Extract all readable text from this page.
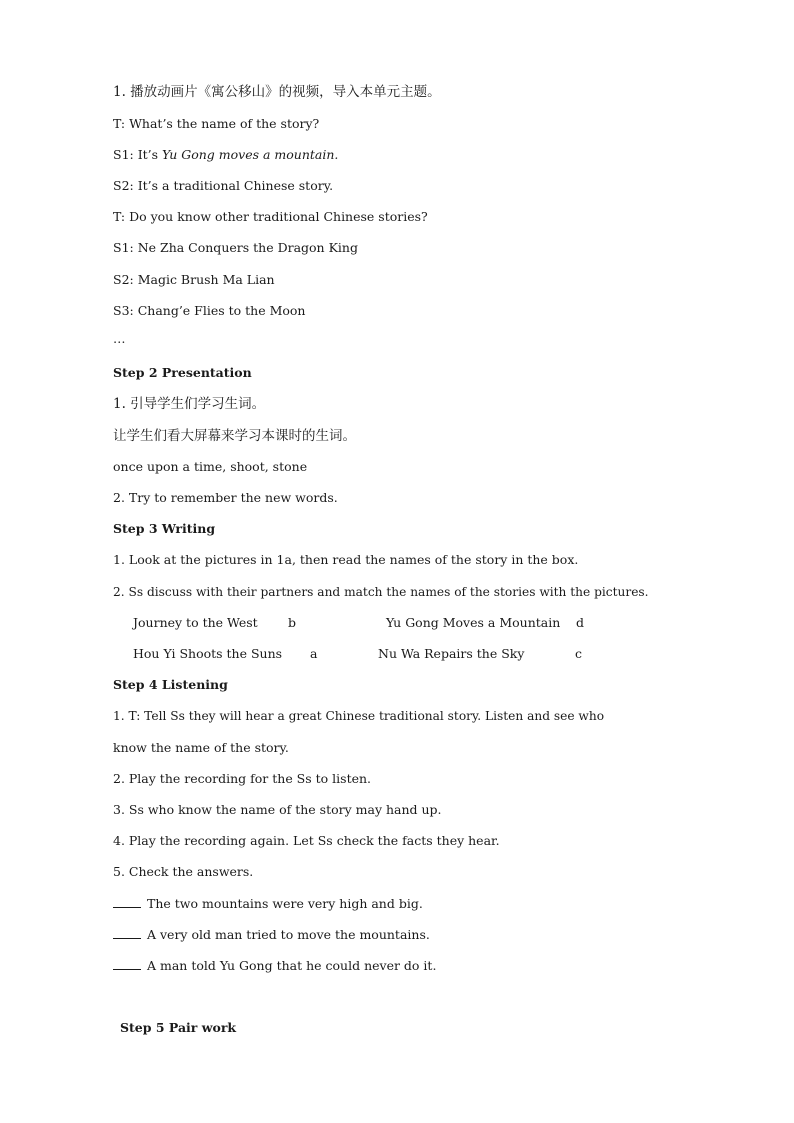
1. 播放动画片《寓公移山》的视频，导入本单元主题。
T: What’s the name of the story?
S1: It’s Yu Gong moves a mountain.
S2: It’s a traditional Chinese story.
T: Do you know other traditional Chinese stories?
S1: Ne Zha Conquers the Dragon King
S2: Magic Brush Ma Lian
S3: Chang’e Flies to the Moon
…
Step 2 Presentation
1. 引导学生们学习生词。
让学生们看大屏幕来学习本课时的生词。
once upon a time, shoot, stone
2. Try to remember the new words.
Step 3 Writing
1. Look at the pictures in 1a, then read the names of the story in the box.
2. Ss discuss with their partners and match the names of the stories with the pictures.
Journey to the West b	Yu Gong Moves a Mountain d
Hou Yi Shoots the Suns a	Nu Wa Repairs the Sky	c
Step 4 Listening
1. T: Tell Ss they will hear a great Chinese traditional story. Listen and see who
know the name of the story.
2. Play the recording for the Ss to listen.
3. Ss who know the name of the story may hand up.
4. Play the recording again. Let Ss check the facts they hear.
5. Check the answers.
The two mountains were very high and big.
A very old man tried to move the mountains.
A man told Yu Gong that he could never do it.
Step 5 Pair work
